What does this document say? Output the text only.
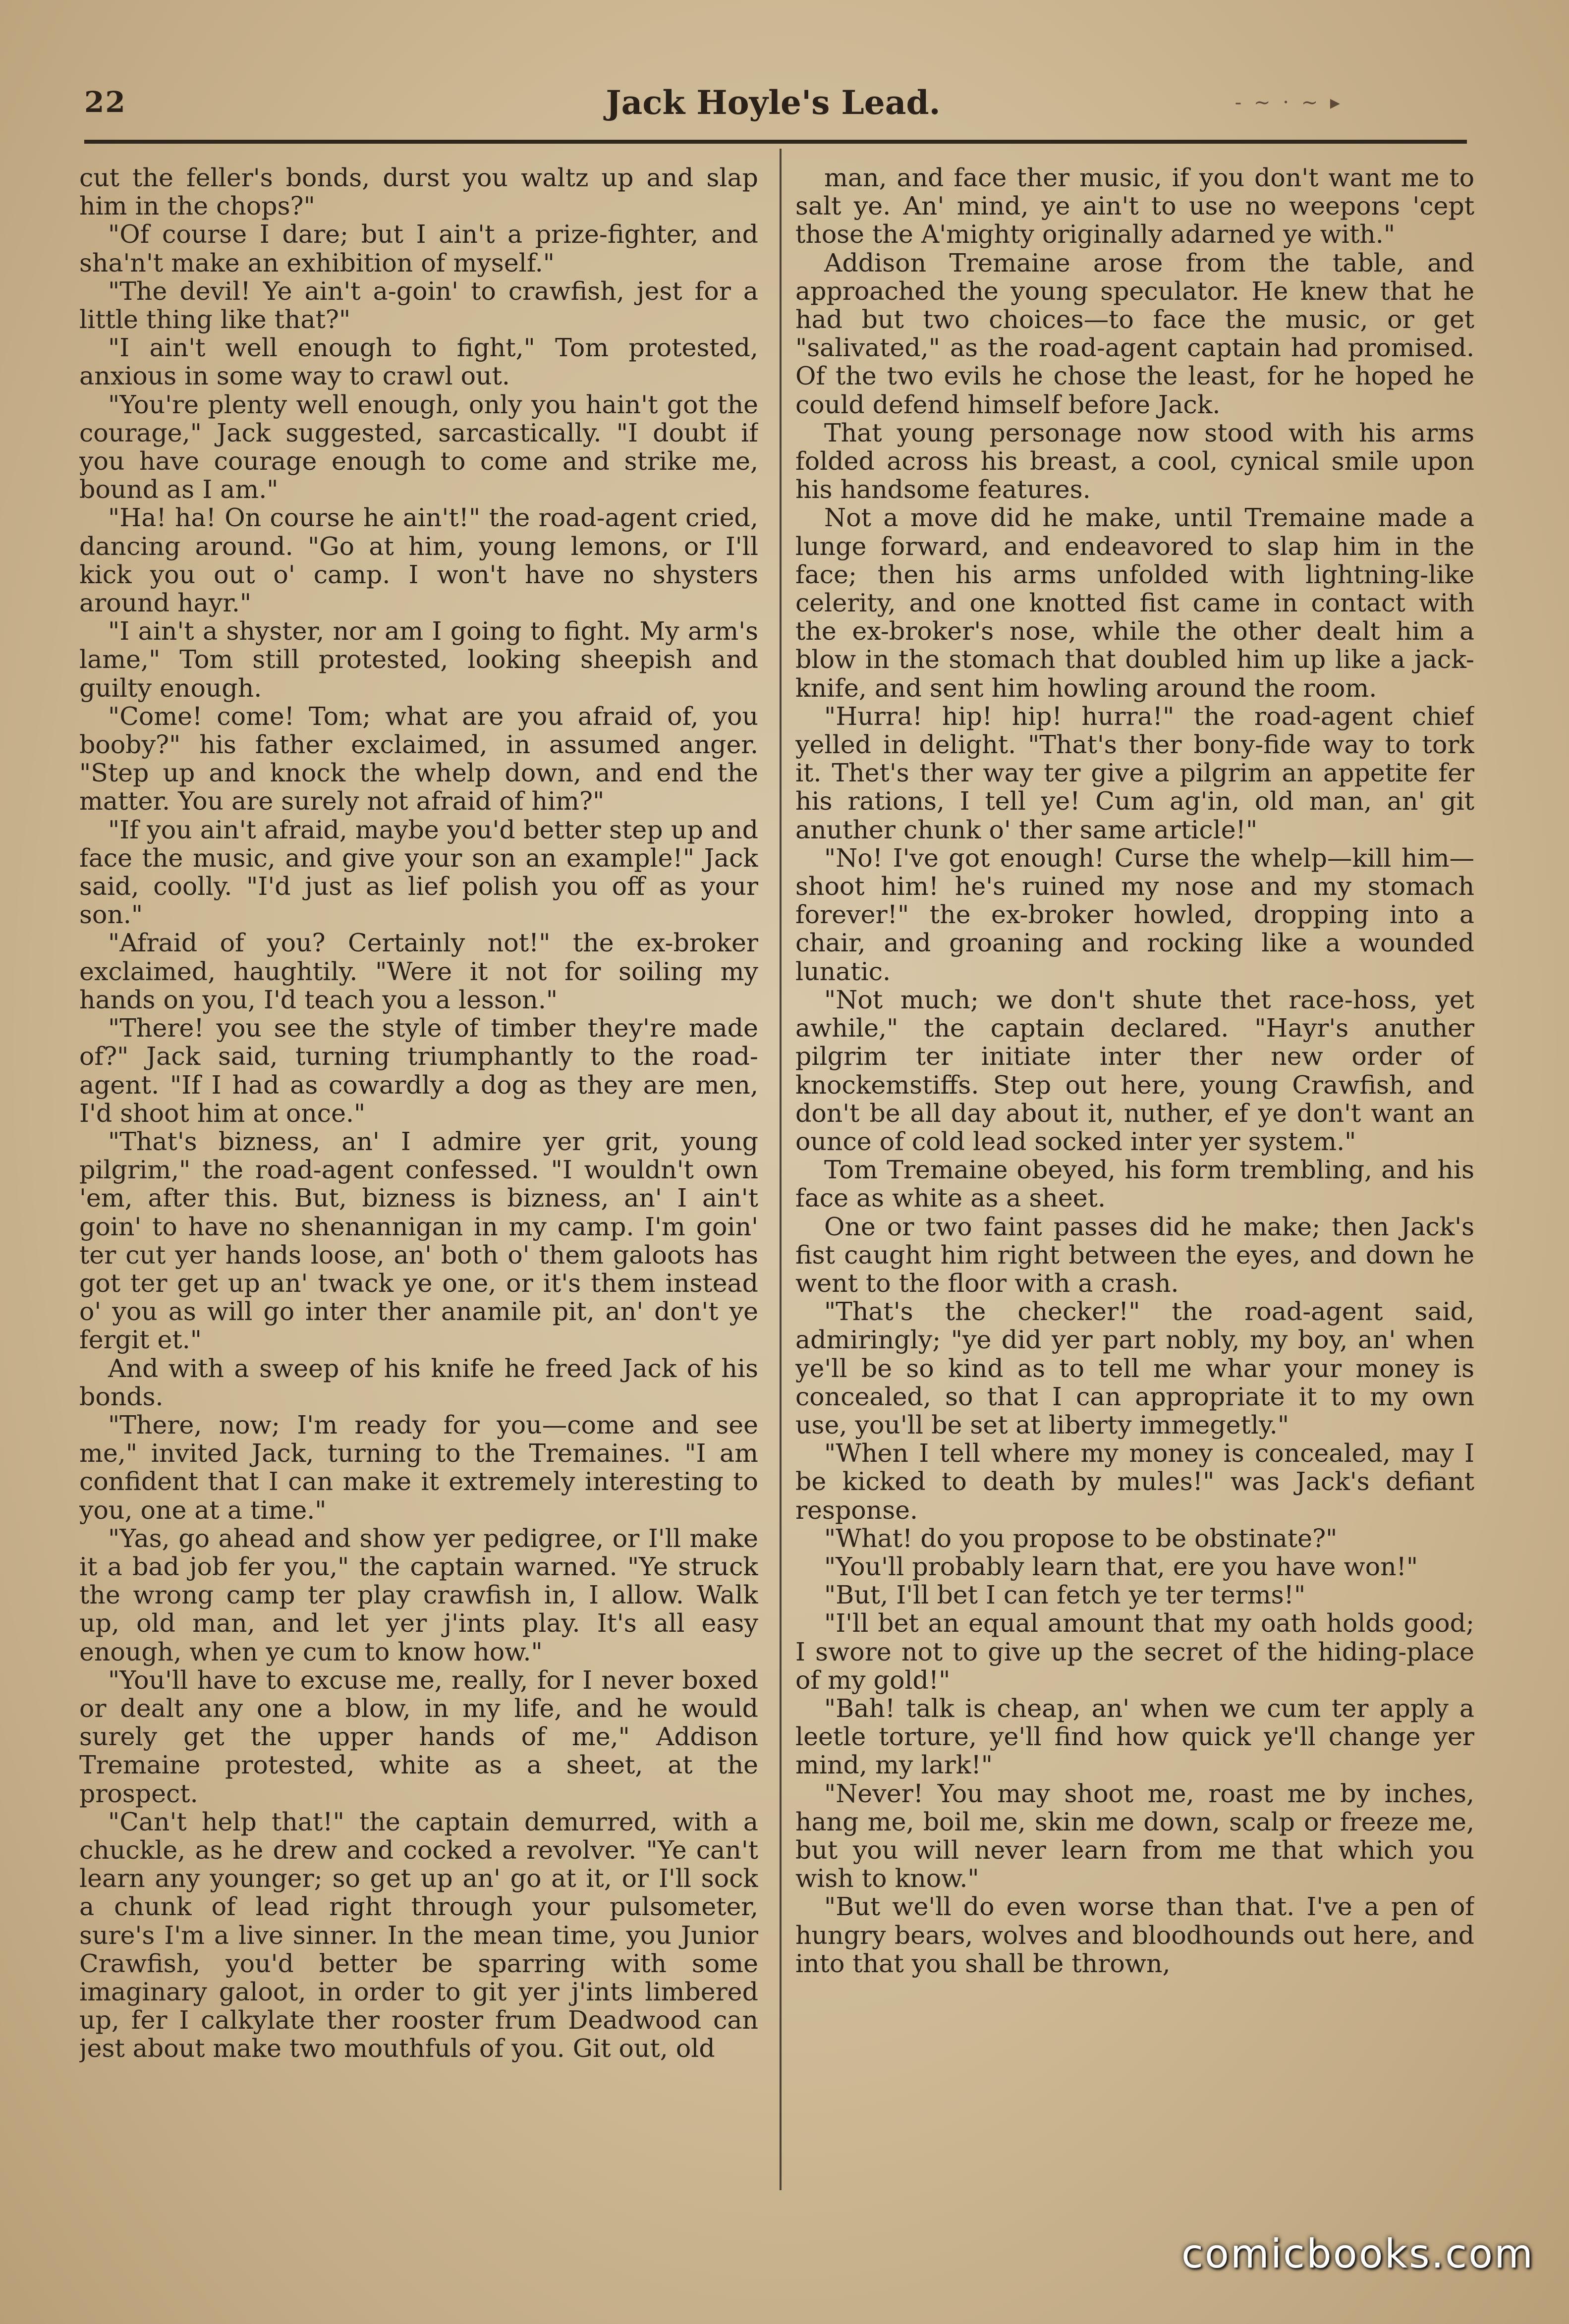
22	Jack Hoyle's Lead.	- ~ · ~ ▸

cut the feller's bonds, durst you waltz up and slap him in the chops?"

"Of course I dare; but I ain't a prize-fighter, and sha'n't make an exhibition of myself."

"The devil! Ye ain't a-goin' to crawfish, jest for a little thing like that?"

"I ain't well enough to fight," Tom protested, anxious in some way to crawl out.

"You're plenty well enough, only you hain't got the courage," Jack suggested, sarcastically. "I doubt if you have courage enough to come and strike me, bound as I am."

"Ha! ha! On course he ain't!" the road-agent cried, dancing around. "Go at him, young lemons, or I'll kick you out o' camp. I won't have no shysters around hayr."

"I ain't a shyster, nor am I going to fight. My arm's lame," Tom still protested, looking sheepish and guilty enough.

"Come! come! Tom; what are you afraid of, you booby?" his father exclaimed, in assumed anger. "Step up and knock the whelp down, and end the matter. You are surely not afraid of him?"

"If you ain't afraid, maybe you'd better step up and face the music, and give your son an example!" Jack said, coolly. "I'd just as lief polish you off as your son."

"Afraid of you? Certainly not!" the ex-broker exclaimed, haughtily. "Were it not for soiling my hands on you, I'd teach you a lesson."

"There! you see the style of timber they're made of?" Jack said, turning triumphantly to the road-agent. "If I had as cowardly a dog as they are men, I'd shoot him at once."

"That's bizness, an' I admire yer grit, young pilgrim," the road-agent confessed. "I wouldn't own 'em, after this. But, bizness is bizness, an' I ain't goin' to have no shenannigan in my camp. I'm goin' ter cut yer hands loose, an' both o' them galoots has got ter get up an' twack ye one, or it's them instead o' you as will go inter ther anamile pit, an' don't ye fergit et."

And with a sweep of his knife he freed Jack of his bonds.

"There, now; I'm ready for you—come and see me," invited Jack, turning to the Tremaines. "I am confident that I can make it extremely interesting to you, one at a time."

"Yas, go ahead and show yer pedigree, or I'll make it a bad job fer you," the captain warned. "Ye struck the wrong camp ter play crawfish in, I allow. Walk up, old man, and let yer j'ints play. It's all easy enough, when ye cum to know how."

"You'll have to excuse me, really, for I never boxed or dealt any one a blow, in my life, and he would surely get the upper hands of me," Addison Tremaine protested, white as a sheet, at the prospect.

"Can't help that!" the captain demurred, with a chuckle, as he drew and cocked a revolver. "Ye can't learn any younger; so get up an' go at it, or I'll sock a chunk of lead right through your pulsometer, sure's I'm a live sinner. In the mean time, you Junior Crawfish, you'd better be sparring with some imaginary galoot, in order to git yer j'ints limbered up, fer I calkylate ther rooster frum Deadwood can jest about make two mouthfuls of you. Git out, old

man, and face ther music, if you don't want me to salt ye. An' mind, ye ain't to use no weepons 'cept those the A'mighty originally adarned ye with."

Addison Tremaine arose from the table, and approached the young speculator. He knew that he had but two choices—to face the music, or get "salivated," as the road-agent captain had promised. Of the two evils he chose the least, for he hoped he could defend himself before Jack.

That young personage now stood with his arms folded across his breast, a cool, cynical smile upon his handsome features.

Not a move did he make, until Tremaine made a lunge forward, and endeavored to slap him in the face; then his arms unfolded with lightning-like celerity, and one knotted fist came in contact with the ex-broker's nose, while the other dealt him a blow in the stomach that doubled him up like a jack-knife, and sent him howling around the room.

"Hurra! hip! hip! hurra!" the road-agent chief yelled in delight. "That's ther bony-fide way to tork it. Thet's ther way ter give a pilgrim an appetite fer his rations, I tell ye! Cum ag'in, old man, an' git anuther chunk o' ther same article!"

"No! I've got enough! Curse the whelp—kill him—shoot him! he's ruined my nose and my stomach forever!" the ex-broker howled, dropping into a chair, and groaning and rocking like a wounded lunatic.

"Not much; we don't shute thet race-hoss, yet awhile," the captain declared. "Hayr's anuther pilgrim ter initiate inter ther new order of knockemstiffs. Step out here, young Crawfish, and don't be all day about it, nuther, ef ye don't want an ounce of cold lead socked inter yer system."

Tom Tremaine obeyed, his form trembling, and his face as white as a sheet.

One or two faint passes did he make; then Jack's fist caught him right between the eyes, and down he went to the floor with a crash.

"That's the checker!" the road-agent said, admiringly; "ye did yer part nobly, my boy, an' when ye'll be so kind as to tell me whar your money is concealed, so that I can appropriate it to my own use, you'll be set at liberty immegetly."

"When I tell where my money is concealed, may I be kicked to death by mules!" was Jack's defiant response.

"What! do you propose to be obstinate?"

"You'll probably learn that, ere you have won!"

"But, I'll bet I can fetch ye ter terms!"

"I'll bet an equal amount that my oath holds good; I swore not to give up the secret of the hiding-place of my gold!"

"Bah! talk is cheap, an' when we cum ter apply a leetle torture, ye'll find how quick ye'll change yer mind, my lark!"

"Never! You may shoot me, roast me by inches, hang me, boil me, skin me down, scalp or freeze me, but you will never learn from me that which you wish to know."

"But we'll do even worse than that. I've a pen of hungry bears, wolves and bloodhounds out here, and into that you shall be thrown,

comicbooks.com
